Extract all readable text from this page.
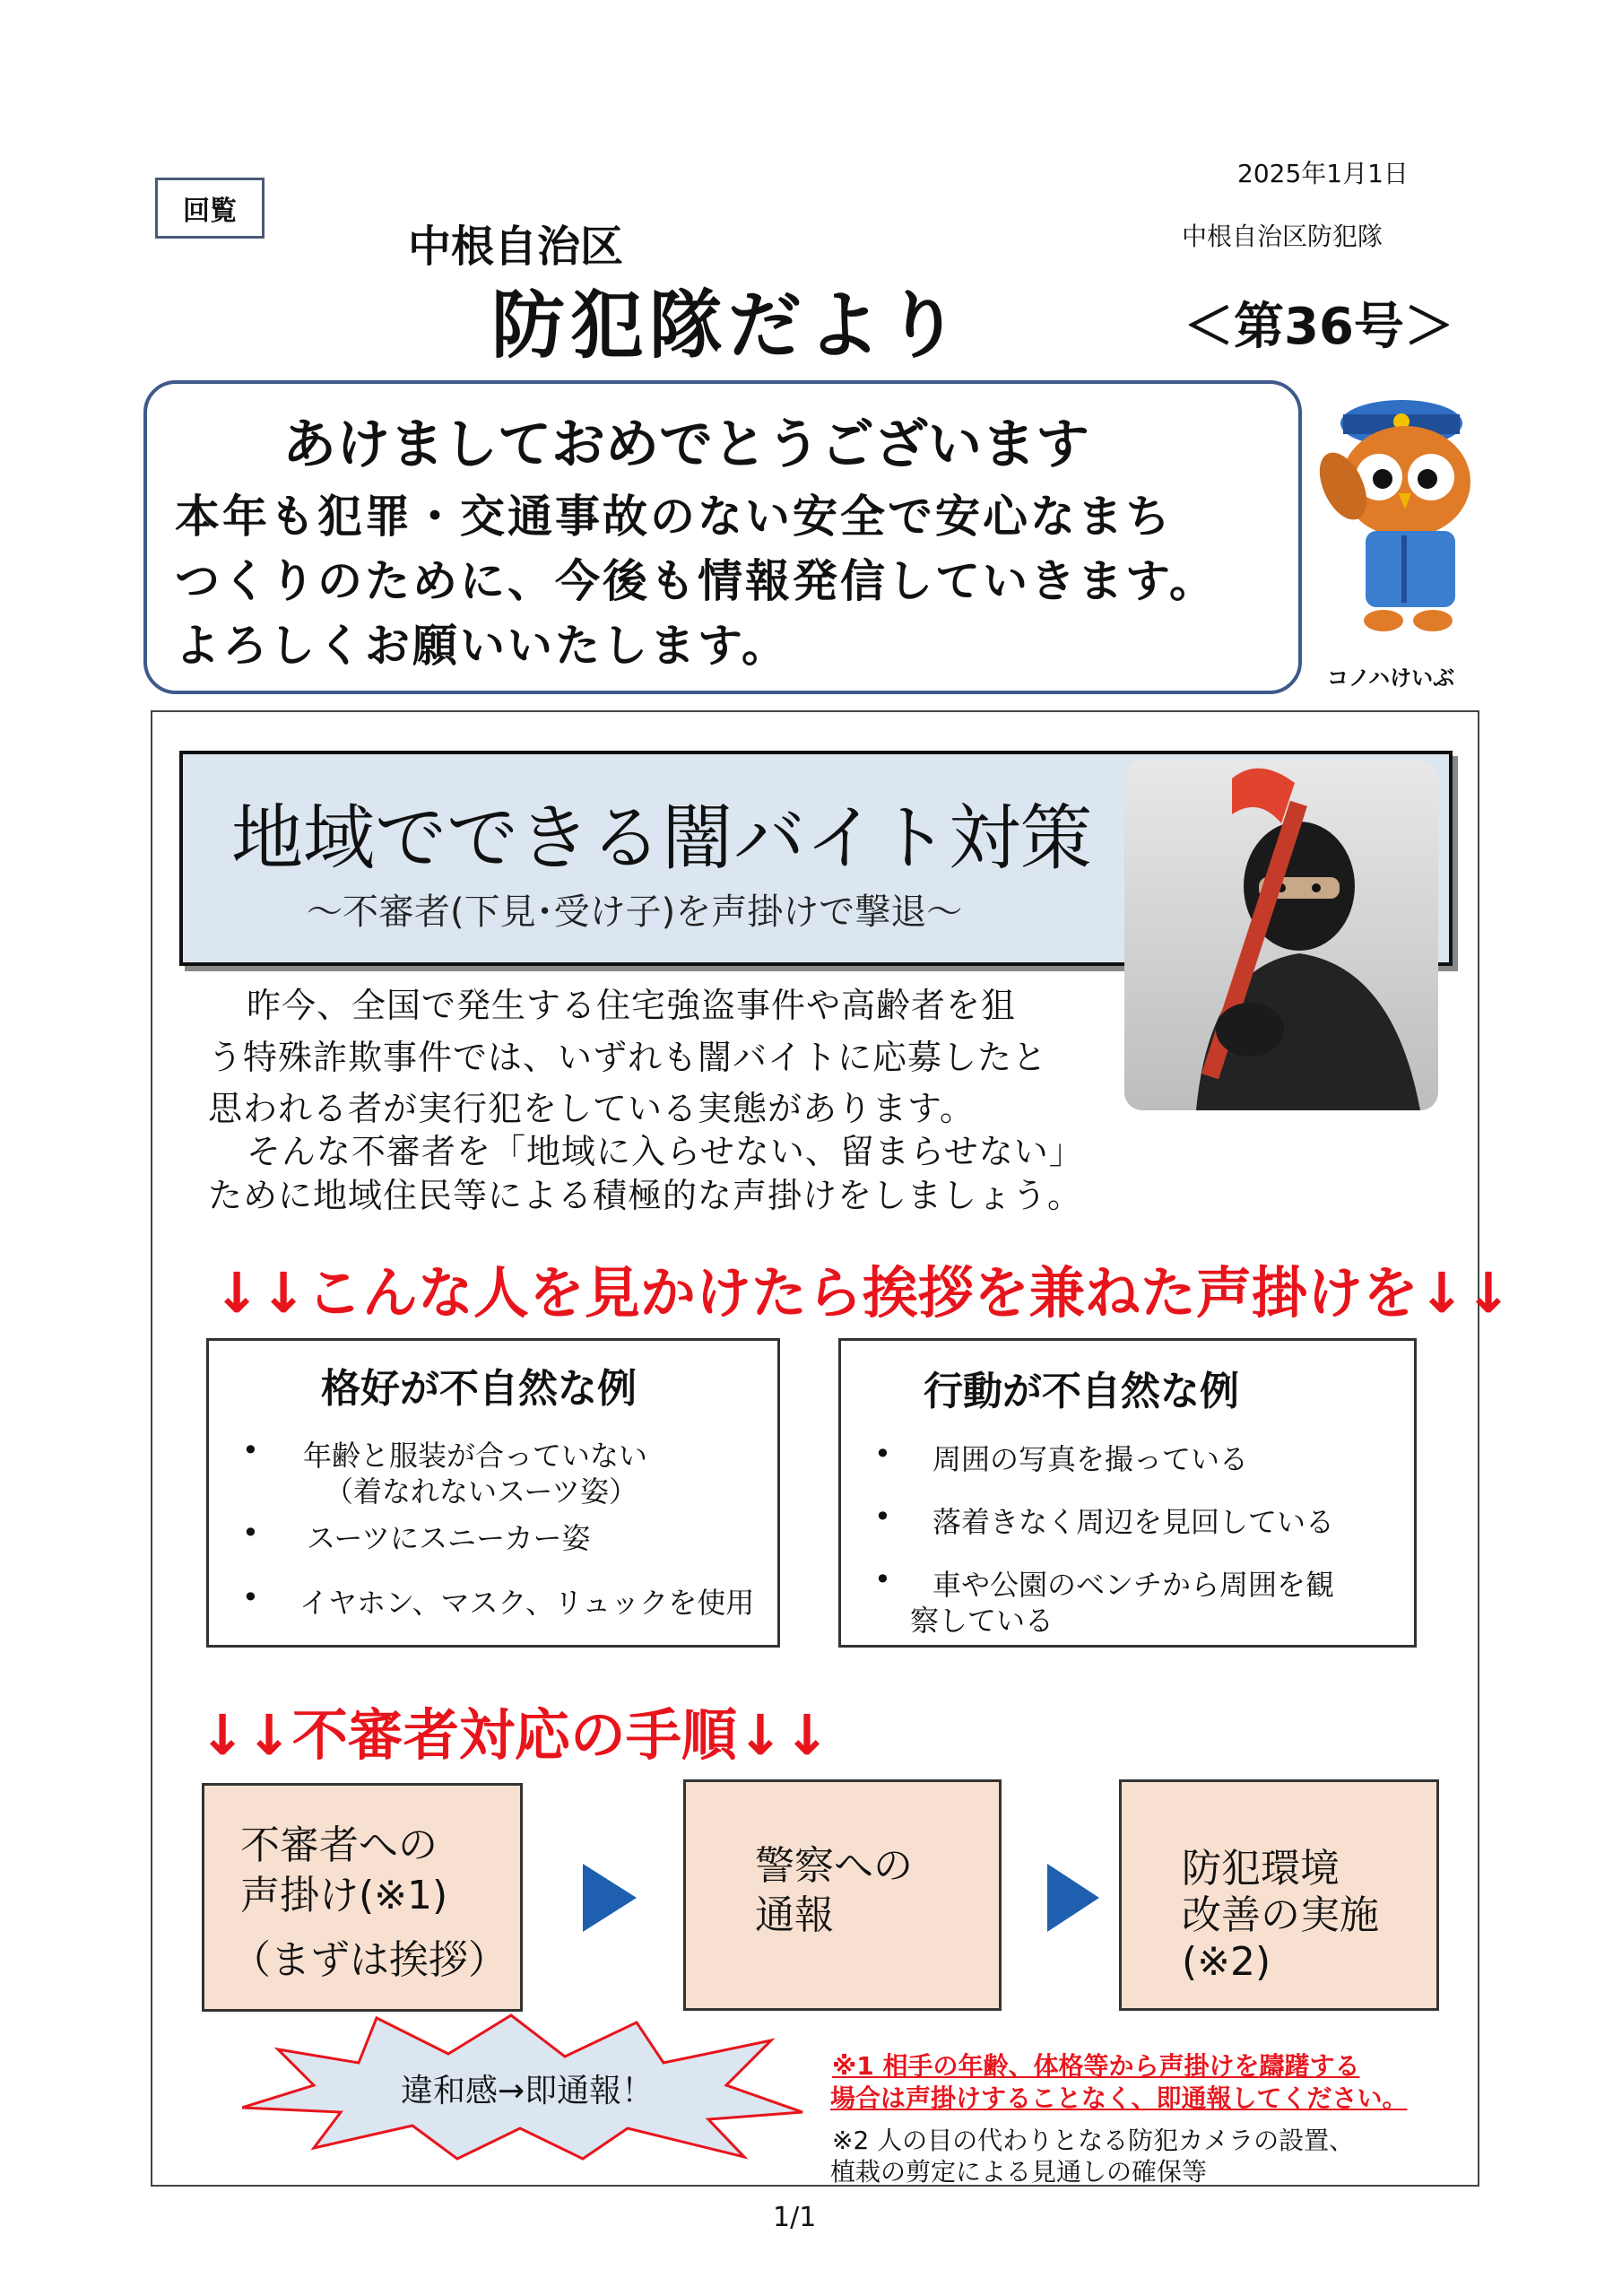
回覧
2025年1月1日
中根自治区防犯隊
中根自治区
防犯隊だより	＜第36号＞
あけましておめでとうございます
本年も犯罪・交通事故のない安全で安心なまち
つくりのために、今後も情報発信していきます。
よろしくお願いいたします。
コノハけいぶ
地域でできる闇バイト対策
～不審者(下見･受け子)を声掛けで撃退～
昨今、全国で発生する住宅強盗事件や高齢者を狙
う特殊詐欺事件では、いずれも闇バイトに応募したと
思われる者が実行犯をしている実態があります。
そんな不審者を「地域に入らせない、留まらせない」
ために地域住民等による積極的な声掛けをしましょう。
↓↓こんな人を見かけたら挨拶を兼ねた声掛けを↓↓
格好が不自然な例
• 年齢と服装が合っていない
（着なれないスーツ姿）
• スーツにスニーカー姿
• イヤホン、マスク、リュックを使用
行動が不自然な例
• 周囲の写真を撮っている
• 落着きなく周辺を見回している
• 車や公園のベンチから周囲を観
察している
↓↓不審者対応の手順↓↓
不審者への
声掛け(※1)
（まずは挨拶）
警察への
通報
防犯環境
改善の実施
(※2)
違和感→即通報！
※1 相手の年齢、体格等から声掛けを躊躇する
場合は声掛けすることなく、即通報してください。
※2 人の目の代わりとなる防犯カメラの設置、
植栽の剪定による見通しの確保等
1/1
